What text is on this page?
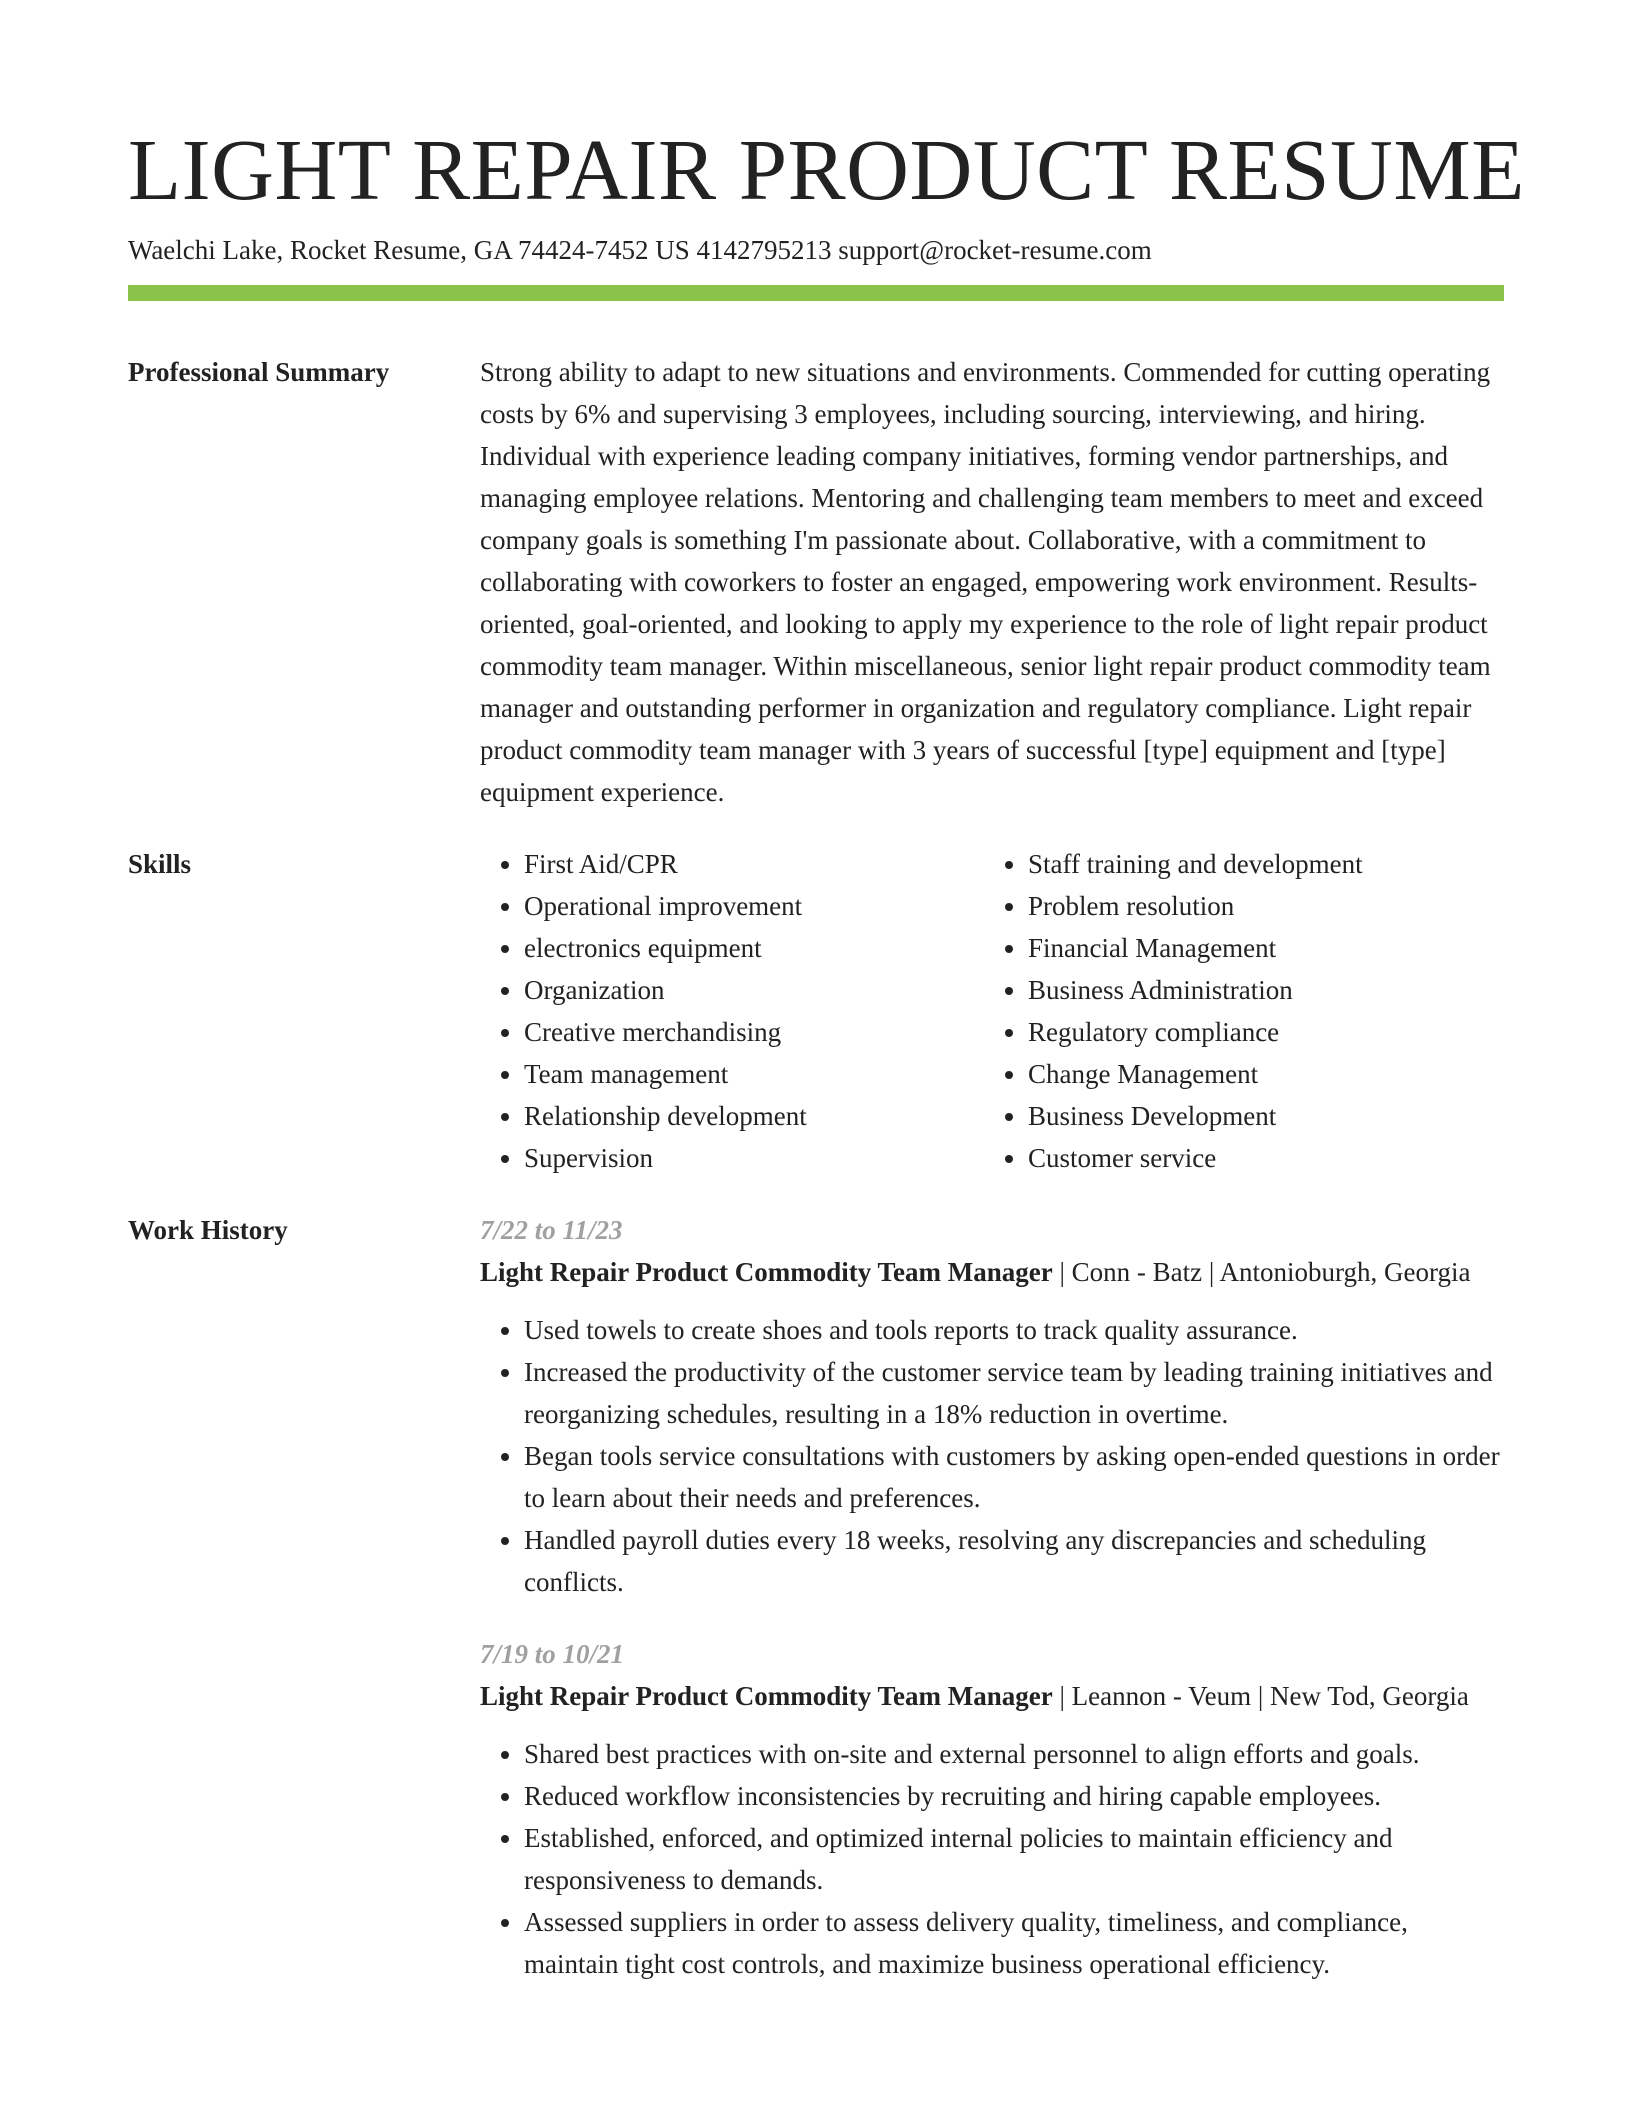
LIGHT REPAIR PRODUCT RESUME
Waelchi Lake, Rocket Resume, GA 74424-7452 US 4142795213 support@rocket-resume.com
Professional Summary	Strong ability to adapt to new situations and environments. Commended for cutting operating costs by 6% and supervising 3 employees, including sourcing, interviewing, and hiring. Individual with experience leading company initiatives, forming vendor partnerships, and managing employee relations. Mentoring and challenging team members to meet and exceed company goals is something I'm passionate about. Collaborative, with a commitment to collaborating with coworkers to foster an engaged, empowering work environment. Results-oriented, goal-oriented, and looking to apply my experience to the role of light repair product commodity team manager. Within miscellaneous, senior light repair product commodity team manager and outstanding performer in organization and regulatory compliance. Light repair product commodity team manager with 3 years of successful [type] equipment and [type] equipment experience.

Skills
•	First Aid/CPR
• Operational improvement
• electronics equipment
• Organization
• Creative merchandising
• Team management
• Relationship development
• Supervision
• Staff training and development
• Problem resolution
• Financial Management
• Business Administration
• Regulatory compliance
• Change Management
• Business Development
• Customer service
Work History	7/22 to 11/23
Light Repair Product Commodity Team Manager | Conn - Batz | Antonioburgh, Georgia
• Used towels to create shoes and tools reports to track quality assurance.
• Increased the productivity of the customer service team by leading training initiatives and reorganizing schedules, resulting in a 18% reduction in overtime.
• Began tools service consultations with customers by asking open-ended questions in order to learn about their needs and preferences.
• Handled payroll duties every 18 weeks, resolving any discrepancies and scheduling conflicts.
7/19 to 10/21
Light Repair Product Commodity Team Manager | Leannon - Veum | New Tod, Georgia
• Shared best practices with on-site and external personnel to align efforts and goals.
• Reduced workflow inconsistencies by recruiting and hiring capable employees.
• Established, enforced, and optimized internal policies to maintain efficiency and responsiveness to demands.
• Assessed suppliers in order to assess delivery quality, timeliness, and compliance, maintain tight cost controls, and maximize business operational efficiency.
